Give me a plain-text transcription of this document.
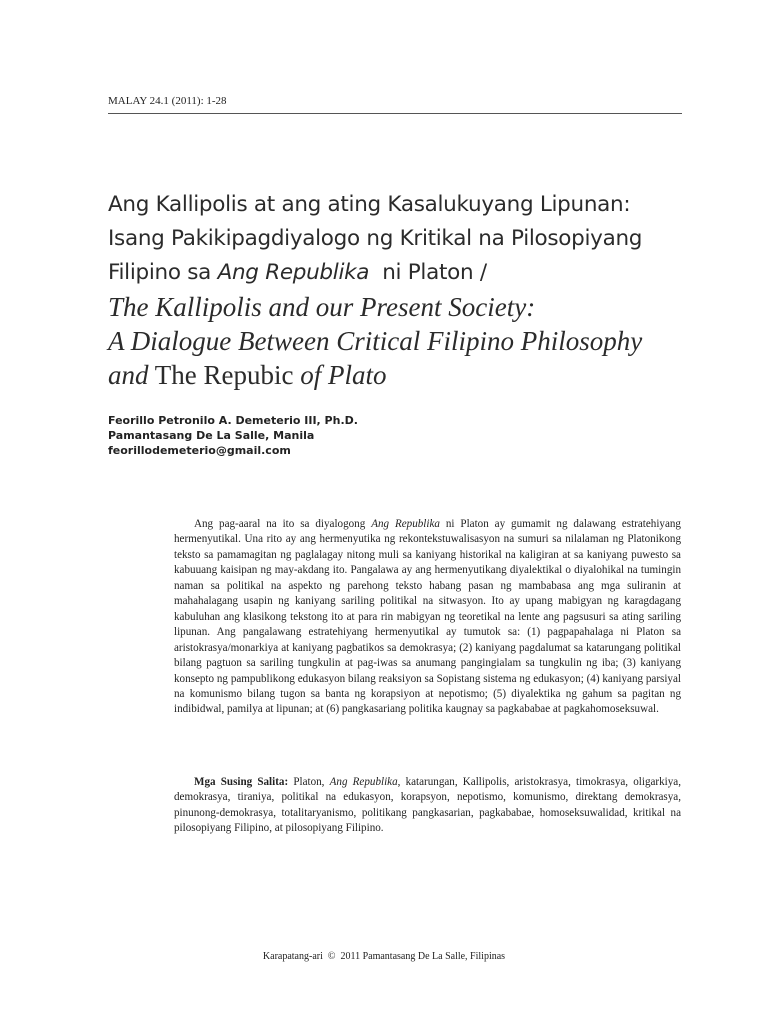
MALAY 24.1 (2011): 1-28
Ang Kallipolis at ang ating Kasalukuyang Lipunan:
Isang Pakikipagdiyalogo ng Kritikal na Pilosopiyang
Filipino sa Ang Republika  ni Platon /
The Kallipolis and our Present Society:
A Dialogue Between Critical Filipino Philosophy
and The Repubic of Plato
Feorillo Petronilo A. Demeterio III, Ph.D.
Pamantasang De La Salle, Manila
feorillodemeterio@gmail.com

Ang pag-aaral na ito sa diyalogong Ang Republika ni Platon ay gumamit ng dalawang estratehiyang hermenyutikal. Una rito ay ang hermenyutika ng rekontekstuwalisasyon na sumuri sa nilalaman ng Platonikong teksto sa pamamagitan ng paglalagay nitong muli sa kaniyang historikal na kaligiran at sa kaniyang puwesto sa kabuuang kaisipan ng may-akdang ito. Pangalawa ay ang hermenyutikang diyalektikal o diyalohikal na tumingin naman sa politikal na aspekto ng parehong teksto habang pasan ng mambabasa ang mga suliranin at mahahalagang usapin ng kaniyang sariling politikal na sitwasyon. Ito ay upang mabigyan ng karagdagang kabuluhan ang klasikong tekstong ito at para rin mabigyan ng teoretikal na lente ang pagsusuri sa ating sariling lipunan. Ang pangalawang estratehiyang hermenyutikal ay tumutok sa: (1) pagpapahalaga ni Platon sa aristokrasya/monarkiya at kaniyang pagbatikos sa demokrasya; (2) kaniyang pagdalumat sa katarungang politikal bilang pagtuon sa sariling tungkulin at pag-iwas sa anumang pangingialam sa tungkulin ng iba; (3) kaniyang konsepto ng pampublikong edukasyon bilang reaksiyon sa Sopistang sistema ng edukasyon; (4) kaniyang parsiyal na komunismo bilang tugon sa banta ng korapsiyon at nepotismo; (5) diyalektika ng gahum sa pagitan ng indibidwal, pamilya at lipunan; at (6) pangkasariang politika kaugnay sa pagkababae at pagkahomoseksuwal.

Mga Susing Salita: Platon, Ang Republika, katarungan, Kallipolis, aristokrasya, timokrasya, oligarkiya, demokrasya, tiraniya, politikal na edukasyon, korapsyon, nepotismo, komunismo, direktang demokrasya, pinunong-demokrasya, totalitaryanismo, politikang pangkasarian, pagkababae, homoseksuwalidad, kritikal na pilosopiyang Filipino, at pilosopiyang Filipino.

Karapatang-ari  ©  2011 Pamantasang De La Salle, Filipinas
